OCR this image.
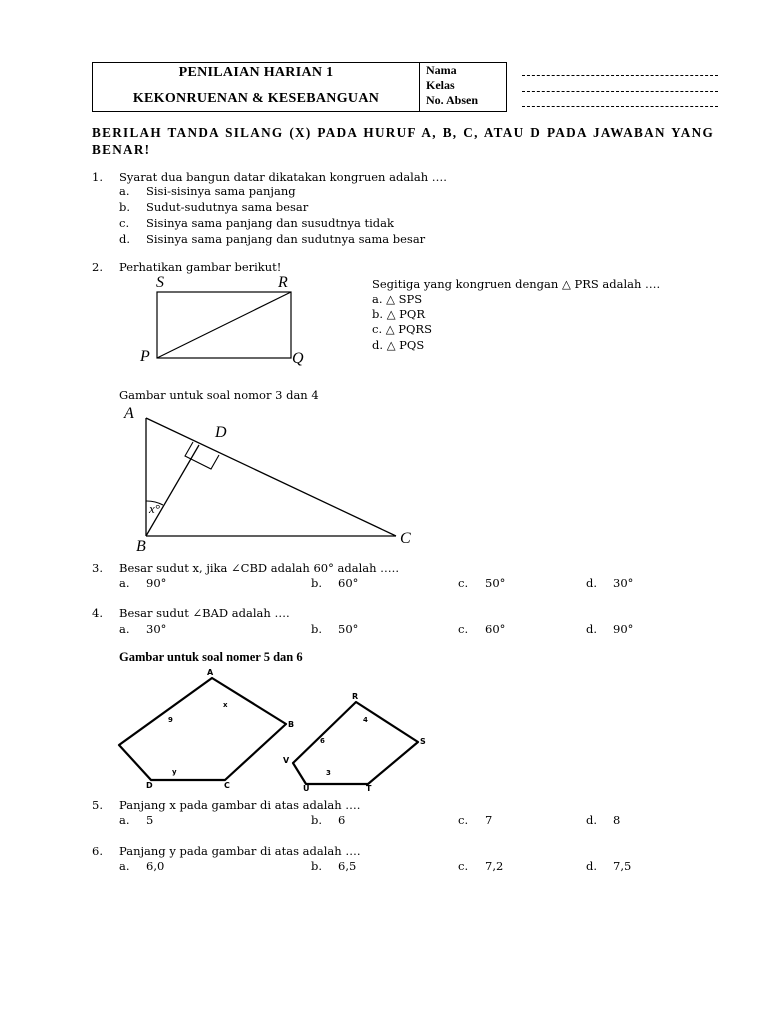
PENILAIAN HARIAN 1
KEKONRUENAN & KESEBANGUAN
Nama
Kelas
No. Absen
BERILAH TANDA SILANG (X) PADA HURUF A, B, C, ATAU D PADA JAWABAN YANG BENAR!
1. Syarat dua bangun datar dikatakan kongruen adalah ….
a. Sisi-sisinya sama panjang
b. Sudut-sudutnya sama besar
c. Sisinya sama panjang dan susudtnya tidak
d. Sisinya sama panjang dan sudutnya sama besar
2. Perhatikan gambar berikut!
S	R
P	Q
Segitiga yang kongruen dengan △ PRS adalah ….
a. △ SPS
b. △ PQR
c. △ PQRS
d. △ PQS
Gambar untuk soal nomor 3 dan 4
A
D
B	C
x°
3. Besar sudut x, jika ∠CBD adalah 60° adalah …..
a. 90°	b. 60°	c. 50°	d. 30°
4. Besar sudut ∠BAD adalah ….
a. 30°	b. 50°	c. 60°	d. 90°
Gambar untuk soal nomer 5 dan 6
A
B
C
D
9
x
y
R
S
T
U
V
4
6
3
5. Panjang x pada gambar di atas adalah ….
a. 5	b. 6	c. 7	d. 8
6. Panjang y pada gambar di atas adalah ….
a. 6,0	b. 6,5	c. 7,2	d. 7,5
